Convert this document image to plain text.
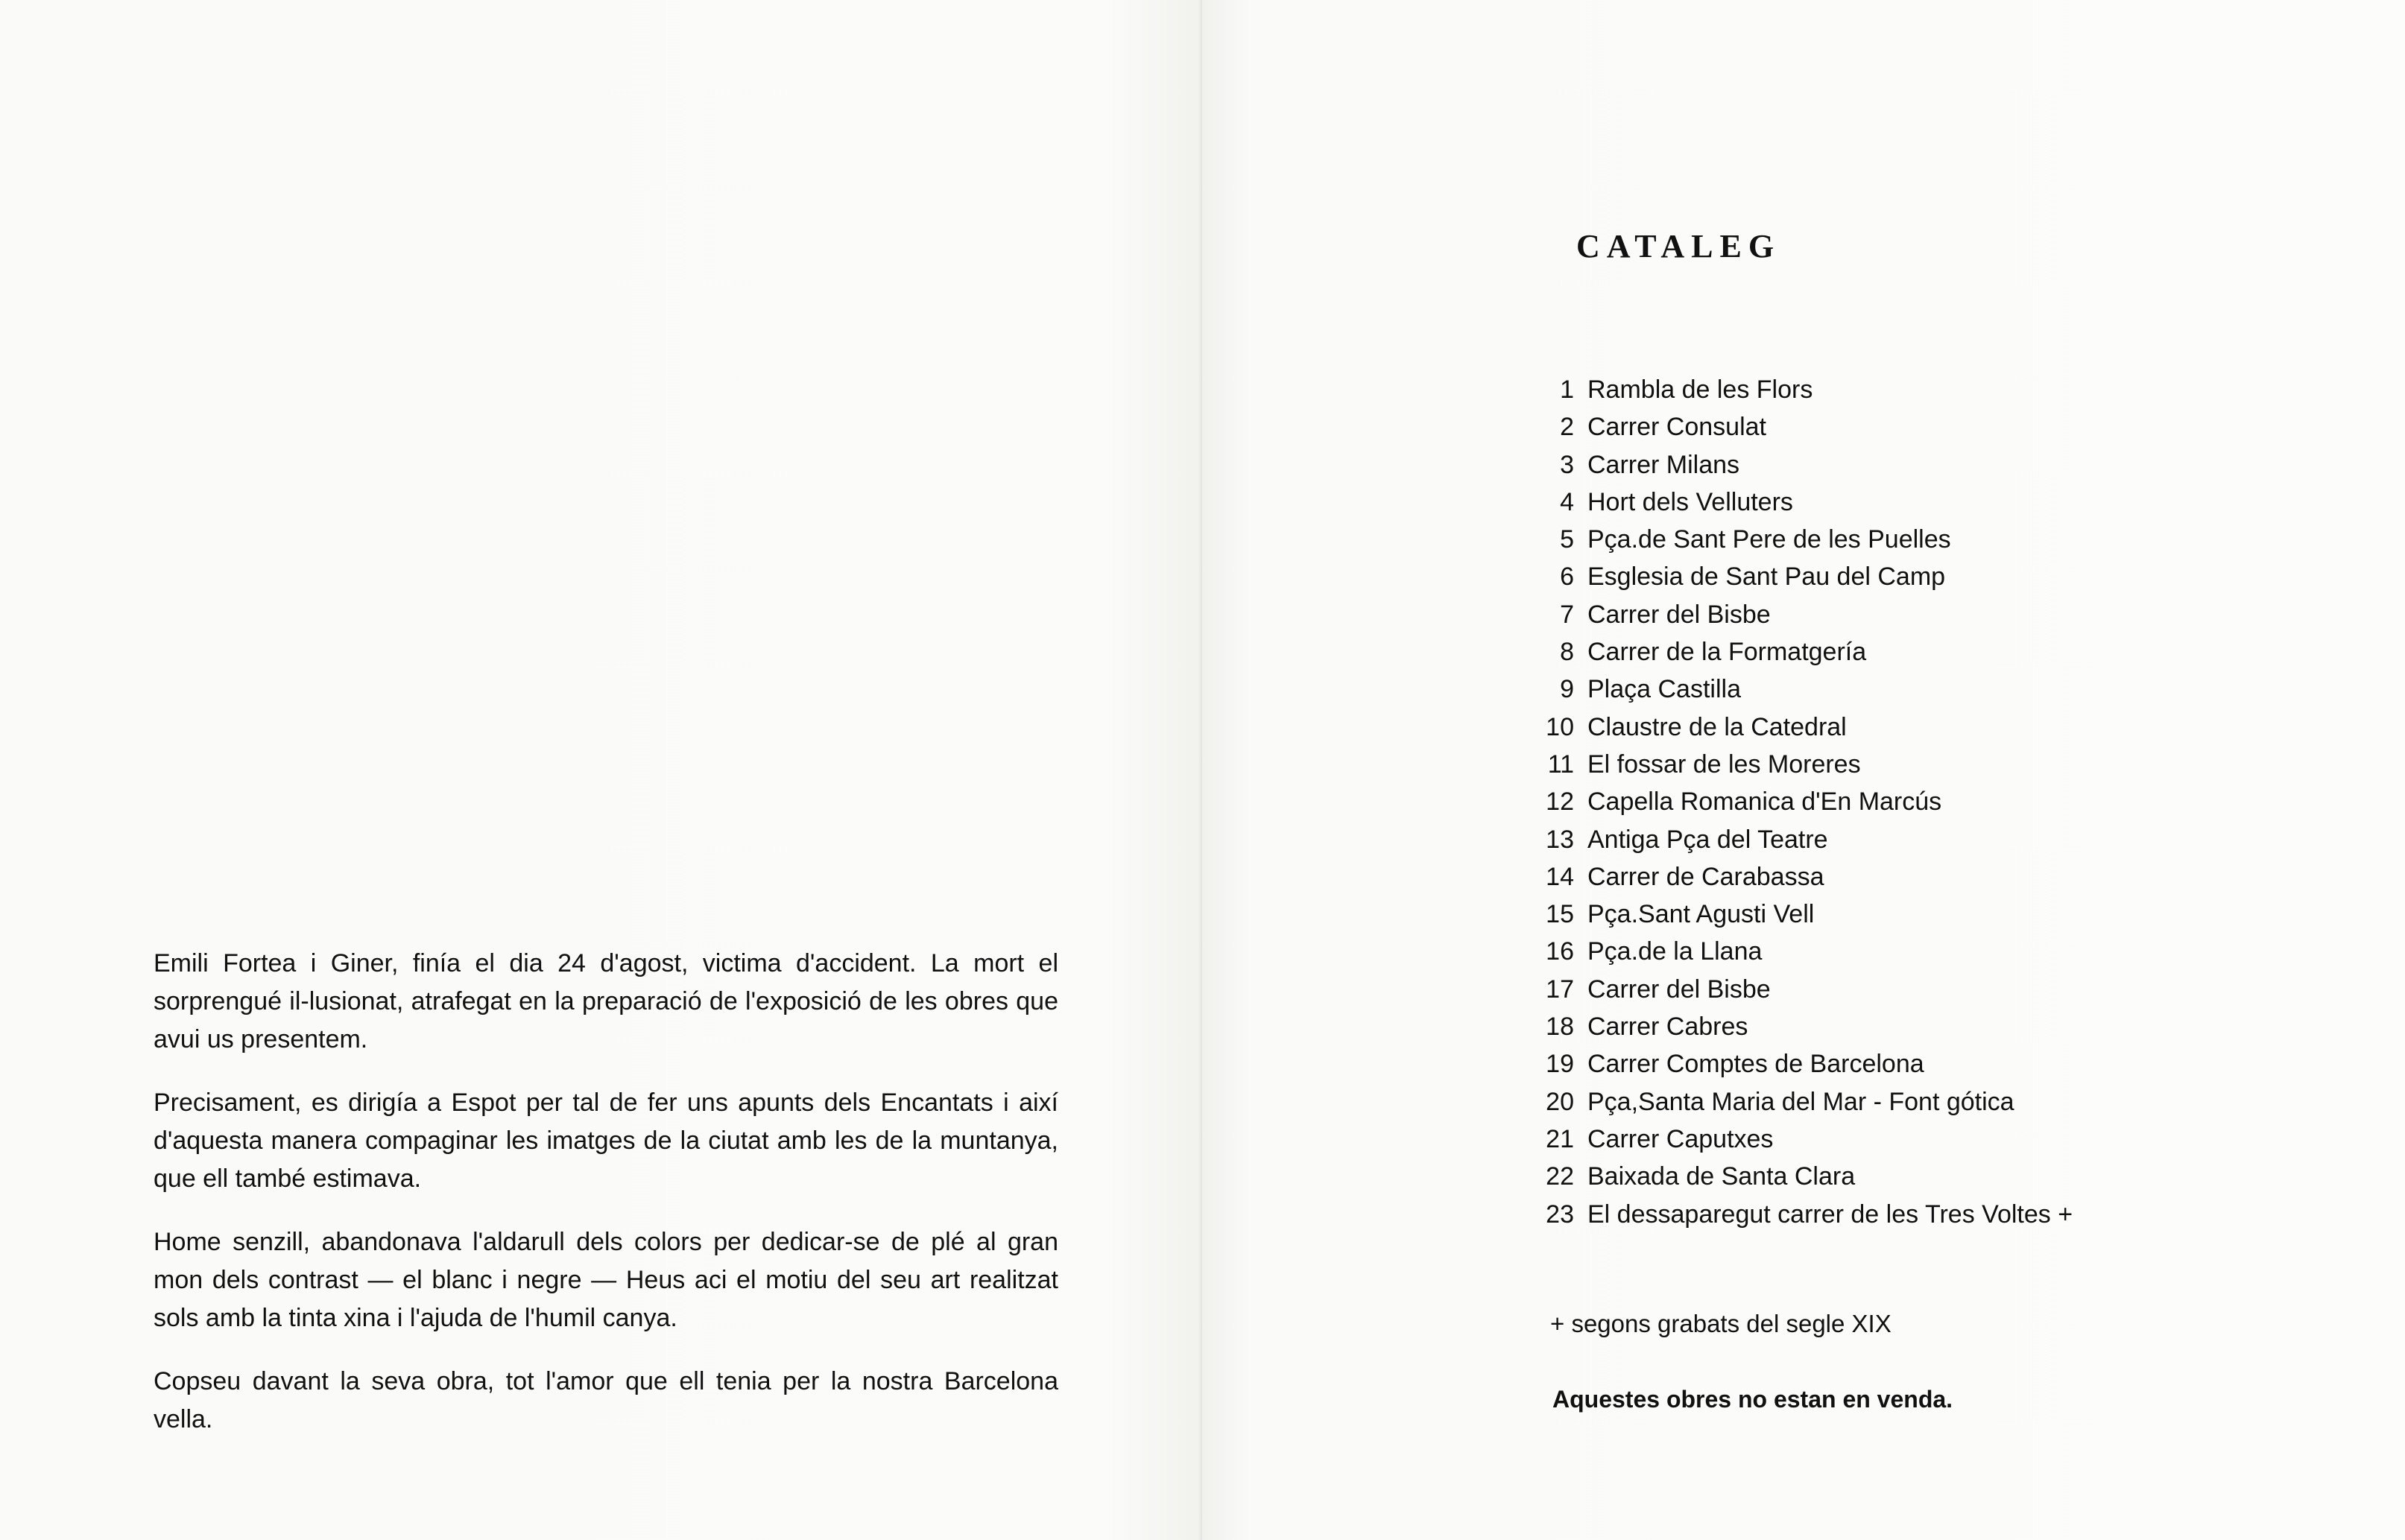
Emili Fortea i Giner, finía el dia 24 d'agost, victima d'accident. La mort el sorprengué il-lusionat, atrafegat en la preparació de l'exposició de les obres que avui us presentem.

Precisament, es dirigía a Espot per tal de fer uns apunts dels Encantats i així d'aquesta manera compaginar les imatges de la ciutat amb les de la muntanya, que ell també estimava.

Home senzill, abandonava l'aldarull dels colors per dedicar-se de plé al gran mon dels contrast — el blanc i negre — Heus aci el motiu del seu art realitzat sols amb la tinta xina i l'ajuda de l'humil canya.

Copseu davant la seva obra, tot l'amor que ell tenia per la nostra Barcelona vella.

CATALEG
1 Rambla de les Flors
2 Carrer Consulat
3 Carrer Milans
4 Hort dels Velluters
5 Pça.de Sant Pere de les Puelles
6 Esglesia de Sant Pau del Camp
7 Carrer del Bisbe
8 Carrer de la Formatgería
9 Plaça Castilla
10 Claustre de la Catedral
11 El fossar de les Moreres
12 Capella Romanica d'En Marcús
13 Antiga Pça del Teatre
14 Carrer de Carabassa
15 Pça.Sant Agusti Vell
16 Pça.de la Llana
17 Carrer del Bisbe
18 Carrer Cabres
19 Carrer Comptes de Barcelona
20 Pça,Santa Maria del Mar - Font gótica
21 Carrer Caputxes
22 Baixada de Santa Clara
23 El dessaparegut carrer de les Tres Voltes +

+ segons grabats del segle XIX

Aquestes obres no estan en venda.
